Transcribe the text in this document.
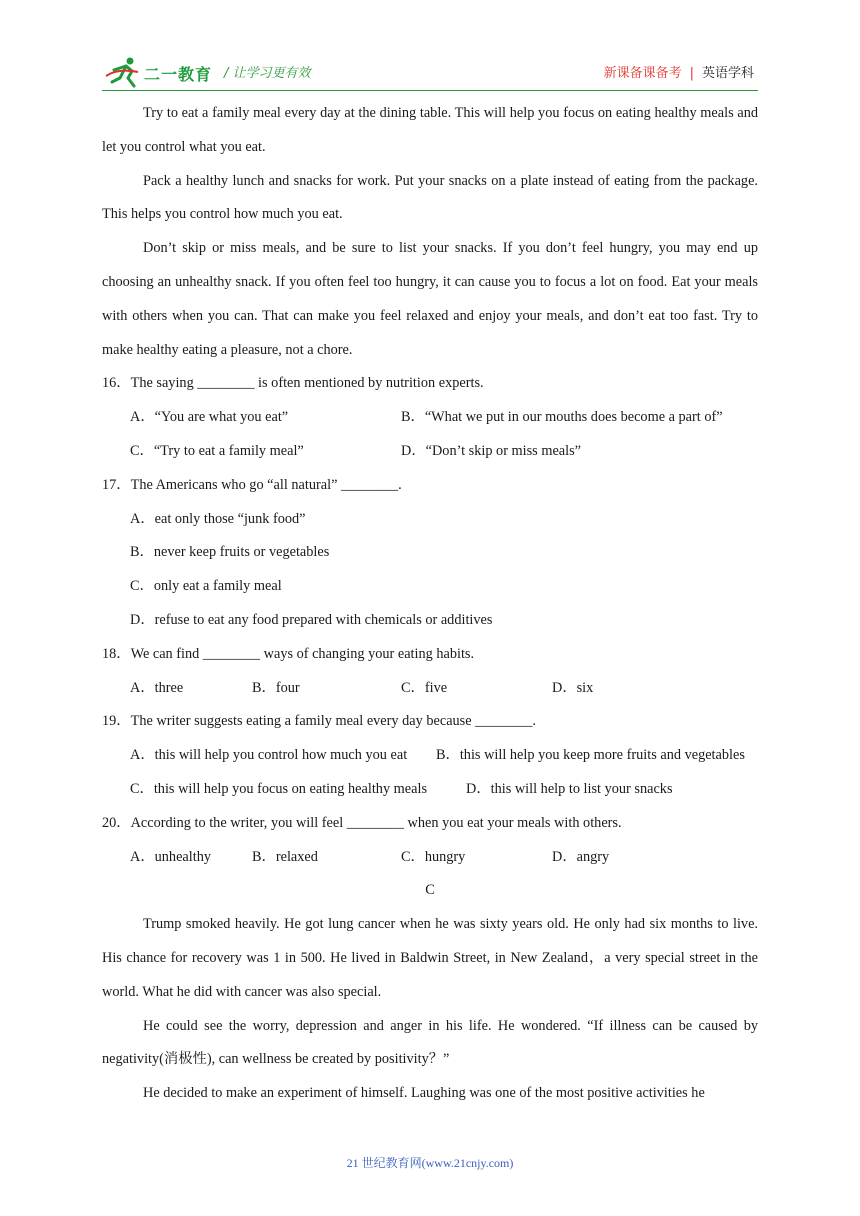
二一教育 / 让学习更有效	新课备课备考 | 英语学科

Try to eat a family meal every day at the dining table. This will help you focus on eating healthy meals and let you control what you eat.

Pack a healthy lunch and snacks for work. Put your snacks on a plate instead of eating from the package. This helps you control how much you eat.

Don’t skip or miss meals, and be sure to list your snacks. If you don’t feel hungry, you may end up choosing an unhealthy snack. If you often feel too hungry, it can cause you to focus a lot on food. Eat your meals with others when you can. That can make you feel relaxed and enjoy your meals, and don’t eat too fast. Try to make healthy eating a pleasure, not a chore.

16．The saying ________ is often mentioned by nutrition experts.
A．“You are what you eat”	B．“What we put in our mouths does become a part of”
C．“Try to eat a family meal”	D．“Don’t skip or miss meals”
17．The Americans who go “all natural” ________.
A．eat only those “junk food”
B．never keep fruits or vegetables
C．only eat a family meal
D．refuse to eat any food prepared with chemicals or additives
18．We can find ________ ways of changing your eating habits.
A．three	B．four	C．five	D．six
19．The writer suggests eating a family meal every day because ________.
A．this will help you control how much you eat B．this will help you keep more fruits and vegetables
C．this will help you focus on eating healthy meals	D．this will help to list your snacks
20．According to the writer, you will feel ________ when you eat your meals with others.
A．unhealthy	B．relaxed	C．hungry	D．angry
C

Trump smoked heavily. He got lung cancer when he was sixty years old. He only had six months to live. His chance for recovery was 1 in 500. He lived in Baldwin Street, in New Zealand，a very special street in the world. What he did with cancer was also special.

He could see the worry, depression and anger in his life. He wondered. “If illness can be caused by negativity(消极性), can wellness be created by positivity？”

He decided to make an experiment of himself. Laughing was one of the most positive activities he

21 世纪教育网(www.21cnjy.com)
